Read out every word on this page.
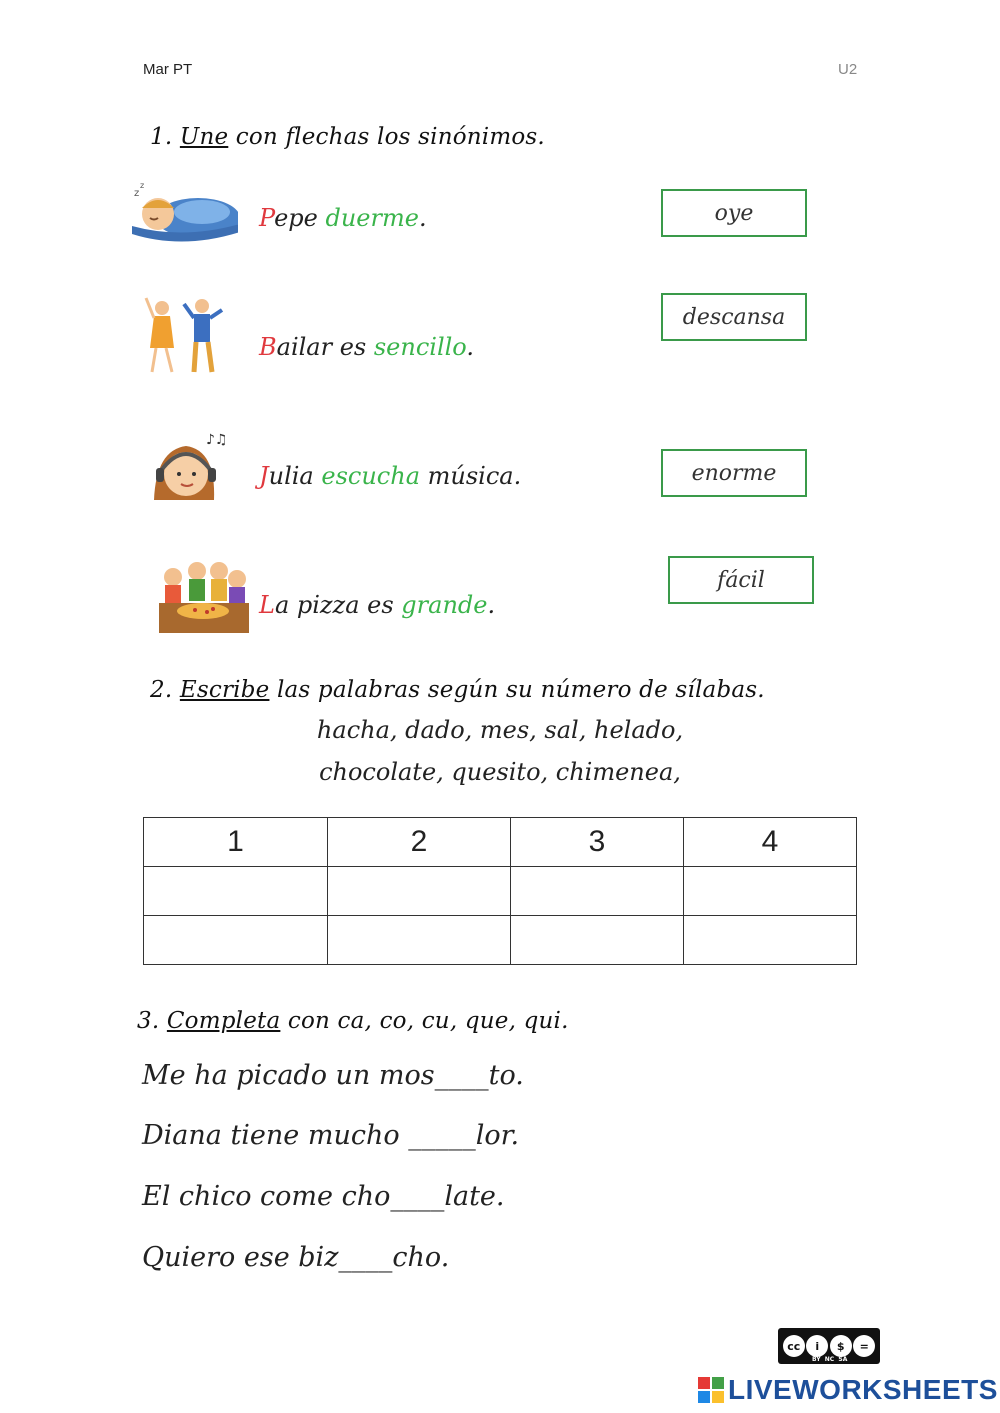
Mar PT	U2
1. Une con flechas los sinónimos.
z
z
♪♫
Pepe duerme.
Bailar es sencillo.
Julia escucha música.
La pizza es grande.
oye
descansa
enorme
fácil
2. Escribe las palabras según su número de sílabas.
hacha, dado, mes, sal, helado,
chocolate, quesito, chimenea,
1	2	3	4

3. Completa con ca, co, cu, que, qui.
Me ha picado un mos____to.
Diana tiene mucho _____lor.
El chico come cho____late.
Quiero ese biz____cho.
cc	i	$	=
BY  NC  SA
LIVEWORKSHEETS
